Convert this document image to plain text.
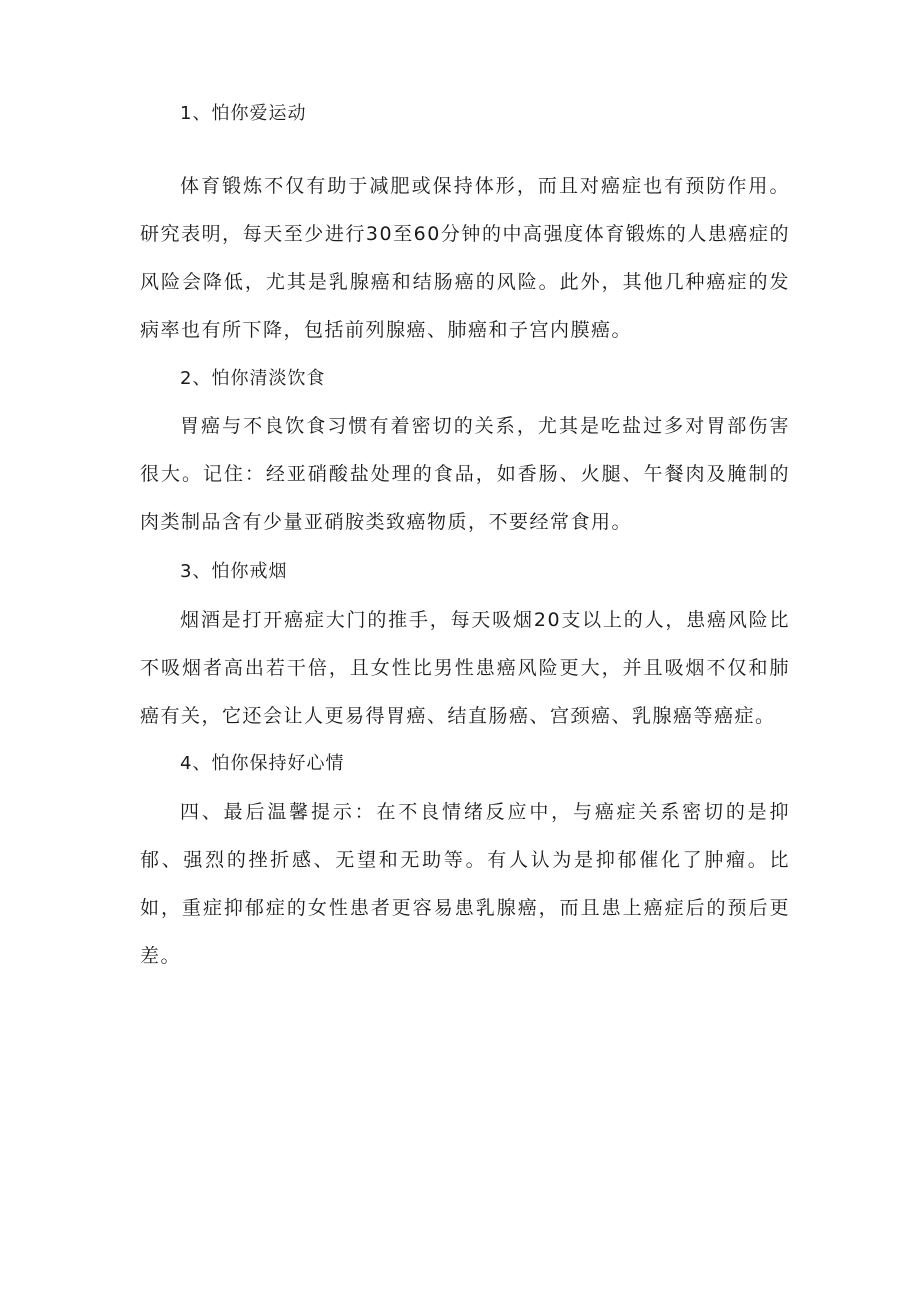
1、怕你爱运动

体育锻炼不仅有助于减肥或保持体形，而且对癌症也有预防作用。研究表明，每天至少进行30至60分钟的中高强度体育锻炼的人患癌症的风险会降低，尤其是乳腺癌和结肠癌的风险。此外，其他几种癌症的发病率也有所下降，包括前列腺癌、肺癌和子宫内膜癌。

2、怕你清淡饮食

胃癌与不良饮食习惯有着密切的关系，尤其是吃盐过多对胃部伤害很大。记住：经亚硝酸盐处理的食品，如香肠、火腿、午餐肉及腌制的肉类制品含有少量亚硝胺类致癌物质，不要经常食用。

3、怕你戒烟

烟酒是打开癌症大门的推手，每天吸烟20支以上的人，患癌风险比不吸烟者高出若干倍，且女性比男性患癌风险更大，并且吸烟不仅和肺癌有关，它还会让人更易得胃癌、结直肠癌、宫颈癌、乳腺癌等癌症。

4、怕你保持好心情

四、最后温馨提示：在不良情绪反应中，与癌症关系密切的是抑郁、强烈的挫折感、无望和无助等。有人认为是抑郁催化了肿瘤。比如，重症抑郁症的女性患者更容易患乳腺癌，而且患上癌症后的预后更差。
